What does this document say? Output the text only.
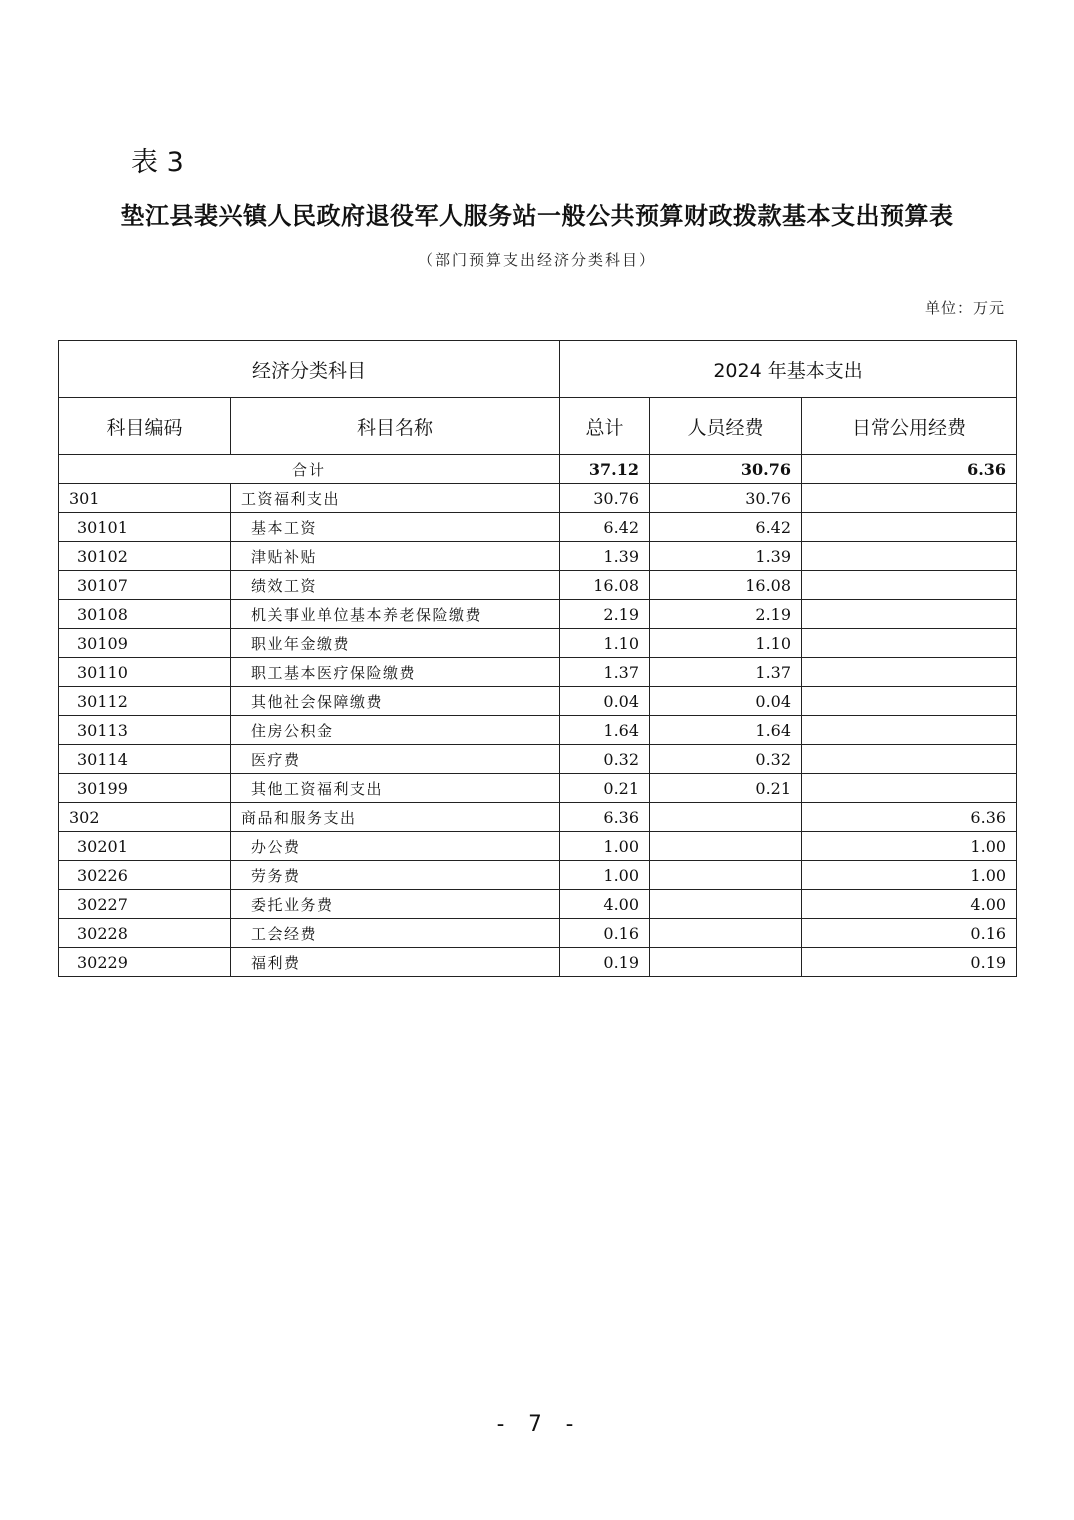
表 3
垫江县裴兴镇人民政府退役军人服务站一般公共预算财政拨款基本支出预算表
（部门预算支出经济分类科目）
单位：万元
经济分类科目		2024 年基本支出		
科目编码	科目名称	总计	人员经费	日常公用经费
合计		37.12	30.76	6.36
301	工资福利支出	30.76	30.76	
30101	基本工资	6.42	6.42	
30102	津贴补贴	1.39	1.39	
30107	绩效工资	16.08	16.08	
30108	机关事业单位基本养老保险缴费	2.19	2.19	
30109	职业年金缴费	1.10	1.10	
30110	职工基本医疗保险缴费	1.37	1.37	
30112	其他社会保障缴费	0.04	0.04	
30113	住房公积金	1.64	1.64	
30114	医疗费	0.32	0.32	
30199	其他工资福利支出	0.21	0.21	
302	商品和服务支出	6.36		6.36
30201	办公费	1.00		1.00
30226	劳务费	1.00		1.00
30227	委托业务费	4.00		4.00
30228	工会经费	0.16		0.16
30229	福利费	0.19		0.19
- 7 -
